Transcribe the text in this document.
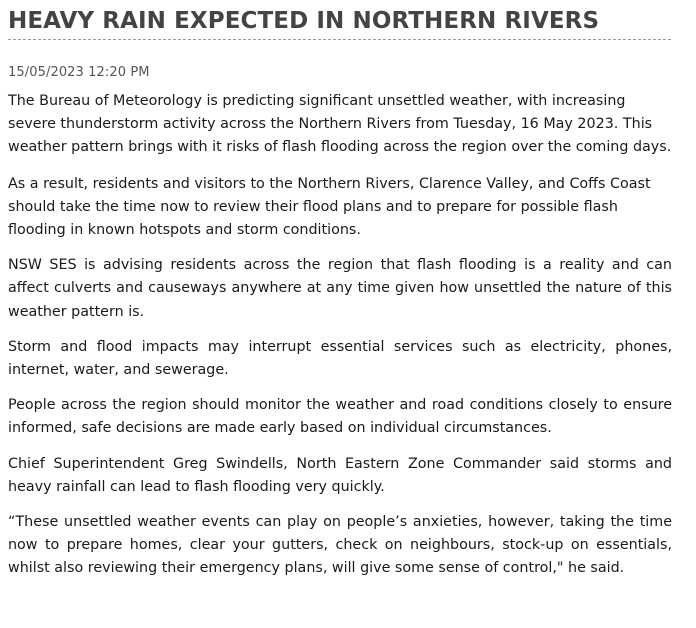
HEAVY RAIN EXPECTED IN NORTHERN RIVERS
15/05/2023 12:20 PM

The Bureau of Meteorology is predicting significant unsettled weather, with increasing severe thunderstorm activity across the Northern Rivers from Tuesday, 16 May 2023. This weather pattern brings with it risks of flash flooding across the region over the coming days.

As a result, residents and visitors to the Northern Rivers, Clarence Valley, and Coffs Coast should take the time now to review their flood plans and to prepare for possible flash flooding in known hotspots and storm conditions.

NSW SES is advising residents across the region that flash flooding is a reality and can affect culverts and causeways anywhere at any time given how unsettled the nature of this weather pattern is.

Storm and flood impacts may interrupt essential services such as electricity, phones, internet, water, and sewerage.

People across the region should monitor the weather and road conditions closely to ensure informed, safe decisions are made early based on individual circumstances.

Chief Superintendent Greg Swindells, North Eastern Zone Commander said storms and heavy rainfall can lead to flash flooding very quickly.

“These unsettled weather events can play on people’s anxieties, however, taking the time now to prepare homes, clear your gutters, check on neighbours, stock-up on essentials, whilst also reviewing their emergency plans, will give some sense of control," he said.
